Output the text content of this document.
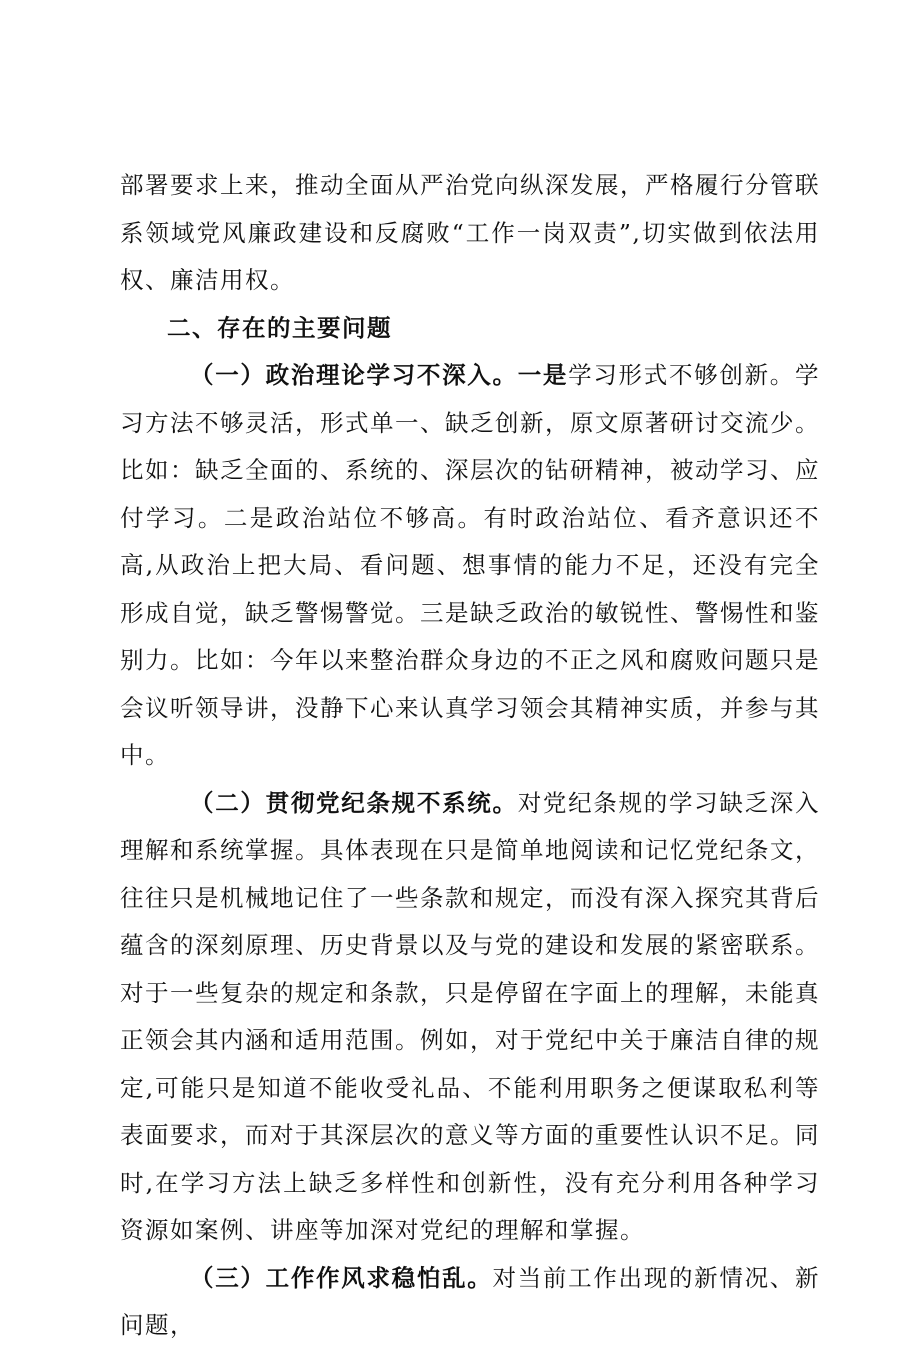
部署要求上来，推动全面从严治党向纵深发展，严格履行分管联系领域党风廉政建设和反腐败“工作一岗双责”,切实做到依法用权、廉洁用权。

二、存在的主要问题

（一）政治理论学习不深入。一是学习形式不够创新。学习方法不够灵活，形式单一、缺乏创新，原文原著研讨交流少。比如：缺乏全面的、系统的、深层次的钻研精神，被动学习、应付学习。二是政治站位不够高。有时政治站位、看齐意识还不高,从政治上把大局、看问题、想事情的能力不足，还没有完全形成自觉，缺乏警惕警觉。三是缺乏政治的敏锐性、警惕性和鉴别力。比如：今年以来整治群众身边的不正之风和腐败问题只是会议听领导讲，没静下心来认真学习领会其精神实质，并参与其中。

（二）贯彻党纪条规不系统。对党纪条规的学习缺乏深入理解和系统掌握。具体表现在只是简单地阅读和记忆党纪条文，往往只是机械地记住了一些条款和规定，而没有深入探究其背后蕴含的深刻原理、历史背景以及与党的建设和发展的紧密联系。对于一些复杂的规定和条款，只是停留在字面上的理解，未能真正领会其内涵和适用范围。例如，对于党纪中关于廉洁自律的规定,可能只是知道不能收受礼品、不能利用职务之便谋取私利等表面要求，而对于其深层次的意义等方面的重要性认识不足。同时,在学习方法上缺乏多样性和创新性，没有充分利用各种学习资源如案例、讲座等加深对党纪的理解和掌握。

（三）工作作风求稳怕乱。对当前工作出现的新情况、新问题，
